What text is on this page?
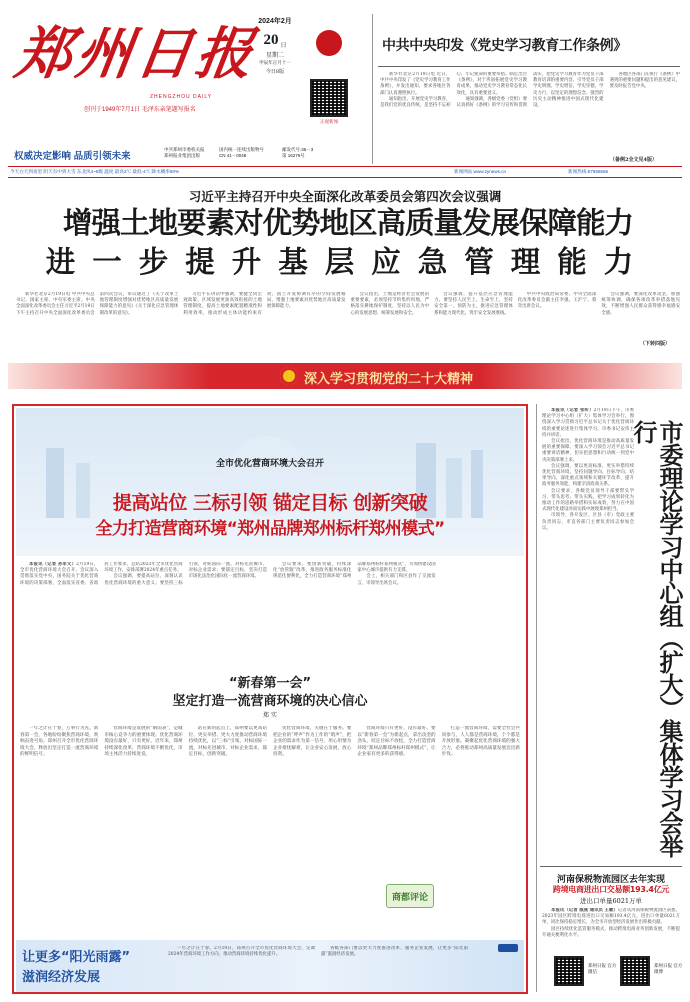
郑州日报
ZHENGZHOU DAILY
创刊于1949年7月1日 毛泽东亲笔题写报名
2024年2月
20 日
星期二
甲辰年正月十一
今日8版
正观新闻
权威决定影响 品质引领未来
中共郑州市委机关报
郑州报业集团出版
国内统一连续出版物号
CN 41－0048
邮发代号:35－3
第 16276号
今天白天到夜里 阴天有中到大雪 东北风4~5级 温度 最高3℃ 最低-4℃ 降水概率80%	新闻网站:www.zynews.cn	新闻热线:67655555
中共中央印发《党史学习教育工作条例》

新华社北京2月19日电 近日，中共中央印发了《党史学习教育工作条例》，并发出通知，要求各地区各部门认真遵照执行。

通知指出，开展党史学习教育，是我们党的优良传统，是坚持不忘初心、牢记使命的重要举措。制定出台《条例》，对于巩固拓展党史学习教育成果，推动党史学习教育常态化长效化，具有重要意义。

通知强调，各级党委（党组）要认真抓好《条例》的学习宣传和贯彻落实，把党史学习教育作为党员干部教育培训的重要内容，引导党员干部学史明理、学史增信、学史崇德、学史力行，以坚定的理想信念、强烈的历史主动精神推进中国式现代化建设。

各地区各部门在执行《条例》中遇到的重要问题和提出的意见建议，要及时报告党中央。

（备例2全文见4版）
习近平主持召开中央全面深化改革委员会第四次会议强调
增强土地要素对优势地区高质量发展保障能力
进一步提升基层应急管理能力

新华社北京2月19日电 中共中央总书记、国家主席、中央军委主席、中央全面深化改革委员会主任习近平2月19日下午主持召开中央全面深化改革委员会第四次会议，审议通过了《关于改革土地管理制度增强对优势地区高质量发展保障能力的意见》《关于深化应急管理体制改革的意见》。

习近平在讲话中强调，要健全同宏观政策、区域发展更加高效衔接的土地管理制度，提高土地要素配置精准性和利用效率，推动形成主体功能约束有效、国土开发协调有序的空间发展格局，增强土地要素对优势地区高质量发展保障能力。

会议指出，土地是经济社会发展的重要要素，必须坚持节约集约用地，严格落实耕地保护制度，坚持以人民为中心的发展思想，统筹发展和安全。

会议强调，提升基层应急管理能力，要坚持人民至上、生命至上，坚持安全第一、预防为主，推进应急管理体系和能力现代化，筑牢安全发展底线。

中共中央政治局常委、中央全面深化改革委员会副主任李强、王沪宁、蔡奇出席会议。

会议强调，要深化改革攻坚，加强统筹协调，确保各项改革举措落地见效，不断增强人民群众获得感幸福感安全感。

（下转四版）
深入学习贯彻党的二十大精神
全市优化营商环境大会召开
提高站位 三标引领 锚定目标 创新突破
全力打造营商环境“郑州品牌郑州标杆郑州模式”

本报讯（记者 孙军文）2月19日，全市优化营商环境大会召开。会议深入贯彻落实党中央、国务院关于优化营商环境的决策部署，全面落实省委、省政府工作要求，总结2023年全市优化营商环境工作，安排部署2024年重点任务。

会议强调，要提高站位，深刻认识优化营商环境的重大意义；要坚持三标引领，对标国际一流、对标先进城市、对标企业需求；要锚定目标，坚决打造市场化法治化国际化一流营商环境。

会议要求，要创新突破，持续深化“放管服”改革，推进政务服务标准化规范化便利化，全力打造营商环境“郑州品牌郑州标杆郑州模式”，为加快建设国家中心城市提供有力支撑。

会上，相关部门和区县作了交流发言，市领导出席会议。

“新春第一会”
坚定打造一流营商环境的决心信心
郑 实

一年之计在于春，万事行为先。新春第一会，各地纷纷聚焦营商环境，吹响奋进号角。郑州召开全市优化营商环境大会，释放出坚定打造一流营商环境的鲜明信号。

营商环境是发展的“晴雨表”，是城市核心竞争力的重要体现。优化营商环境没有最好，只有更好。近年来，郑州持续深化改革，营商环境不断优化，市场主体活力持续迸发。

站在新的起点上，郑州要以更高站位、更实举措、更大力度推动营商环境持续优化，以“三标”引领，对标国际一流，对标先进城市，对标企业需求，锚定目标，创新突破。

优化营商环境，关键在于服务。要把企业的“呼声”作为工作的“哨声”，把企业的需求作为第一信号，用心用情为企业排忧解难，让企业安心发展、放心投资。

营商环境只有更好，没有最好。要以“新春第一会”为新起点，拿出攻坚的劲头，咬定目标不放松，全力打造营商环境“郑州品牌郑州标杆郑州模式”，让企业家有更多的获得感。

打造一流营商环境，需要全社会共同参与，人人都是营商环境，个个都是开放形象。凝聚起优化营商环境的强大合力，必将推动郑州高质量发展迈出新步伐。

商都评论
让更多“阳光雨露”
滋润经济发展

一年之计在于春。2月19日，郑州召开全市优化营商环境大会，定调2024年营商环境工作方向，推动营商环境持续优化提升。

各级各部门要以更大力度推进改革，服务企业发展，让更多“阳光雨露”滋润经济发展。

本报讯（记者 张昕）2月19日下午，市委理论学习中心组（扩大）集体学习会举行，围绕深入学习贯彻习近平总书记关于优化营商环境的重要论述进行集体学习。市委书记安伟主持并讲话。

会议指出，优化营商环境是推动高质量发展的重要保障。要深入学习领会习近平总书记重要讲话精神，切实把思想和行动统一到党中央决策部署上来。

会议强调，要以更高标准、更实举措持续优化营商环境，坚持问题导向、目标导向、结果导向，深化重点领域和关键环节改革，提升政务服务效能，构建亲清政商关系。

会议要求，各级党员领导干部要带头学习、带头思考、带头实践，把学习成果转化为推动工作的思路举措和实际成效，努力在中国式现代化建设河南实践中展现郑州担当。

市领导，各开发区、区县（市）党政主要负责同志，市直各部门主要负责同志参加会议。	市委理论学习中心组（扩大）集体学习会举行
河南保税物流园区去年实现
跨境电商进出口交易额193.4亿元
进出口单量6021万单

本报讯（记者 威燕 通讯员 王敏）记者从河南保税物流园区获悉，2023年园区跨境电商进出口交易额193.4亿元，进出口单量6021万单，同比保持稳定增长，为全市开放型经济发展作出积极贡献。

园区持续优化监管服务模式，推动跨境电商业务创新发展，不断提升通关便利化水平。

郑州日报 官方微信
郑州日报 官方微博
